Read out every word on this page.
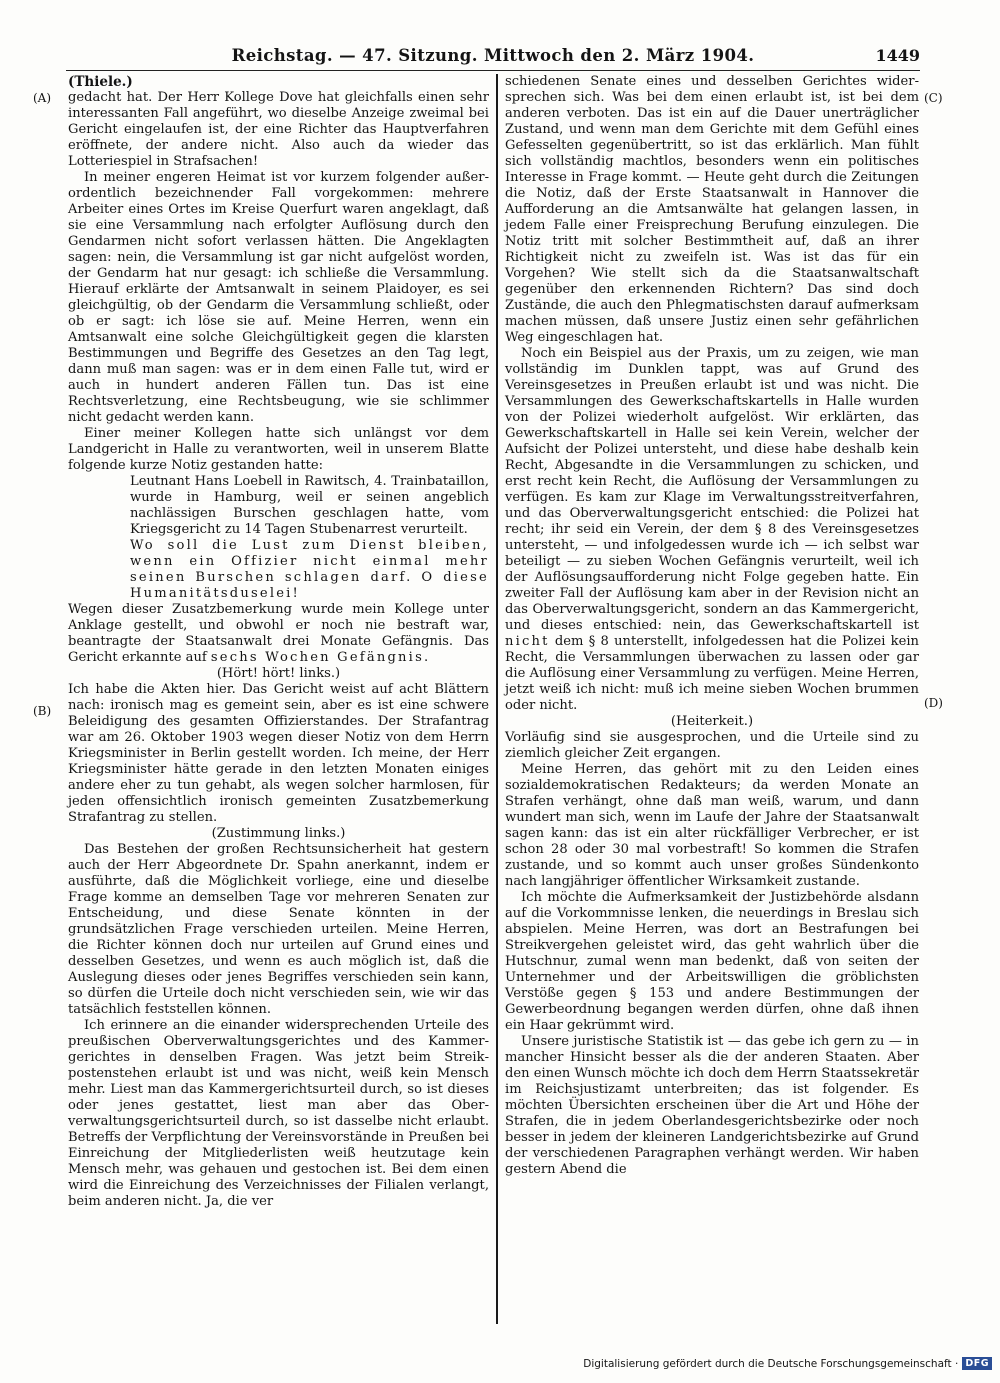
Reichstag. — 47. Sitzung. Mittwoch den 2. März 1904.	1449
(A)
(B)
(C)
(D)

(Thiele.)

gedacht hat. Der Herr Kollege Dove hat gleichfalls einen sehr interessanten Fall angeführt, wo dieselbe Anzeige zweimal bei Gericht eingelaufen ist, der eine Richter das Hauptverfahren eröffnete, der andere nicht. Also auch da wieder das Lotteriespiel in Strafsachen!

In meiner engeren Heimat ist vor kurzem folgender außerordentlich bezeichnender Fall vorgekommen: mehrere Arbeiter eines Ortes im Kreise Querfurt waren angeklagt, daß sie eine Versammlung nach erfolgter Auflösung durch den Gendarmen nicht sofort verlassen hätten. Die Angeklagten sagen: nein, die Versammlung ist gar nicht aufgelöst worden, der Gendarm hat nur gesagt: ich schließe die Versammlung. Hierauf erklärte der Amtsanwalt in seinem Plaidoyer, es sei gleichgültig, ob der Gendarm die Versammlung schließt, oder ob er sagt: ich löse sie auf. Meine Herren, wenn ein Amtsanwalt eine solche Gleichgültigkeit gegen die klarsten Bestimmungen und Begriffe des Gesetzes an den Tag legt, dann muß man sagen: was er in dem einen Falle tut, wird er auch in hundert anderen Fällen tun. Das ist eine Rechtsverletzung, eine Rechtsbeugung, wie sie schlimmer nicht gedacht werden kann.

Einer meiner Kollegen hatte sich unlängst vor dem Landgericht in Halle zu verantworten, weil in unserem Blatte folgende kurze Notiz gestanden hatte:

Leutnant Hans Loebell in Rawitsch, 4. Trainbataillon, wurde in Hamburg, weil er seinen angeblich nachlässigen Burschen geschlagen hatte, vom Kriegsgericht zu 14 Tagen Stubenarrest verurteilt.

Wo soll die Lust zum Dienst bleiben, wenn ein Offizier nicht einmal mehr seinen Burschen schlagen darf. O diese Humanitätsduselei!

Wegen dieser Zusatzbemerkung wurde mein Kollege unter Anklage gestellt, und obwohl er noch nie bestraft war, beantragte der Staatsanwalt drei Monate Gefängnis. Das Gericht erkannte auf sechs Wochen Gefängnis.

(Hört! hört! links.)

Ich habe die Akten hier. Das Gericht weist auf acht Blättern nach: ironisch mag es gemeint sein, aber es ist eine schwere Beleidigung des gesamten Offizierstandes. Der Strafantrag war am 26. Oktober 1903 wegen dieser Notiz von dem Herrn Kriegsminister in Berlin gestellt worden. Ich meine, der Herr Kriegsminister hätte gerade in den letzten Monaten einiges andere eher zu tun gehabt, als wegen solcher harmlosen, für jeden offensichtlich ironisch gemeinten Zusatzbemerkung Strafantrag zu stellen.

(Zustimmung links.)

Das Bestehen der großen Rechtsunsicherheit hat gestern auch der Herr Abgeordnete Dr. Spahn anerkannt, indem er ausführte, daß die Möglichkeit vorliege, eine und dieselbe Frage komme an demselben Tage vor mehreren Senaten zur Entscheidung, und diese Senate könnten in der grundsätzlichen Frage verschieden urteilen. Meine Herren, die Richter können doch nur urteilen auf Grund eines und desselben Gesetzes, und wenn es auch möglich ist, daß die Auslegung dieses oder jenes Begriffes verschieden sein kann, so dürfen die Urteile doch nicht verschieden sein, wie wir das tatsächlich feststellen können.

Ich erinnere an die einander widersprechenden Urteile des preußischen Oberverwaltungsgerichtes und des Kammergerichtes in denselben Fragen. Was jetzt beim Streikpostenstehen erlaubt ist und was nicht, weiß kein Mensch mehr. Liest man das Kammergerichtsurteil durch, so ist dieses oder jenes gestattet, liest man aber das Oberverwaltungsgerichtsurteil durch, so ist dasselbe nicht erlaubt. Betreffs der Verpflichtung der Vereinsvorstände in Preußen bei Einreichung der Mitgliederlisten weiß heutzutage kein Mensch mehr, was gehauen und gestochen ist. Bei dem einen wird die Einreichung des Verzeichnisses der Filialen verlangt, beim anderen nicht. Ja, die ver

schiedenen Senate eines und desselben Gerichtes widersprechen sich. Was bei dem einen erlaubt ist, ist bei dem anderen verboten. Das ist ein auf die Dauer unerträglicher Zustand, und wenn man dem Gerichte mit dem Gefühl eines Gefesselten gegenübertritt, so ist das erklärlich. Man fühlt sich vollständig machtlos, besonders wenn ein politisches Interesse in Frage kommt. — Heute geht durch die Zeitungen die Notiz, daß der Erste Staatsanwalt in Hannover die Aufforderung an die Amtsanwälte hat gelangen lassen, in jedem Falle einer Freisprechung Berufung einzulegen. Die Notiz tritt mit solcher Bestimmtheit auf, daß an ihrer Richtigkeit nicht zu zweifeln ist. Was ist das für ein Vorgehen? Wie stellt sich da die Staatsanwaltschaft gegenüber den erkennenden Richtern? Das sind doch Zustände, die auch den Phlegmatischsten darauf aufmerksam machen müssen, daß unsere Justiz einen sehr gefährlichen Weg eingeschlagen hat.

Noch ein Beispiel aus der Praxis, um zu zeigen, wie man vollständig im Dunklen tappt, was auf Grund des Vereinsgesetzes in Preußen erlaubt ist und was nicht. Die Versammlungen des Gewerkschaftskartells in Halle wurden von der Polizei wiederholt aufgelöst. Wir erklärten, das Gewerkschaftskartell in Halle sei kein Verein, welcher der Aufsicht der Polizei untersteht, und diese habe deshalb kein Recht, Abgesandte in die Versammlungen zu schicken, und erst recht kein Recht, die Auflösung der Versammlungen zu verfügen. Es kam zur Klage im Verwaltungsstreitverfahren, und das Oberverwaltungsgericht entschied: die Polizei hat recht; ihr seid ein Verein, der dem § 8 des Vereinsgesetzes untersteht, — und infolgedessen wurde ich — ich selbst war beteiligt — zu sieben Wochen Gefängnis verurteilt, weil ich der Auflösungsaufforderung nicht Folge gegeben hatte. Ein zweiter Fall der Auflösung kam aber in der Revision nicht an das Oberverwaltungsgericht, sondern an das Kammergericht, und dieses entschied: nein, das Gewerkschaftskartell ist nicht dem § 8 unterstellt, infolgedessen hat die Polizei kein Recht, die Versammlungen überwachen zu lassen oder gar die Auflösung einer Versammlung zu verfügen. Meine Herren, jetzt weiß ich nicht: muß ich meine sieben Wochen brummen oder nicht.

(Heiterkeit.)

Vorläufig sind sie ausgesprochen, und die Urteile sind zu ziemlich gleicher Zeit ergangen.

Meine Herren, das gehört mit zu den Leiden eines sozialdemokratischen Redakteurs; da werden Monate an Strafen verhängt, ohne daß man weiß, warum, und dann wundert man sich, wenn im Laufe der Jahre der Staatsanwalt sagen kann: das ist ein alter rückfälliger Verbrecher, er ist schon 28 oder 30 mal vorbestraft! So kommen die Strafen zustande, und so kommt auch unser großes Sündenkonto nach langjähriger öffentlicher Wirksamkeit zustande.

Ich möchte die Aufmerksamkeit der Justizbehörde alsdann auf die Vorkommnisse lenken, die neuerdings in Breslau sich abspielen. Meine Herren, was dort an Bestrafungen bei Streikvergehen geleistet wird, das geht wahrlich über die Hutschnur, zumal wenn man bedenkt, daß von seiten der Unternehmer und der Arbeitswilligen die gröblichsten Verstöße gegen § 153 und andere Bestimmungen der Gewerbeordnung begangen werden dürfen, ohne daß ihnen ein Haar gekrümmt wird.

Unsere juristische Statistik ist — das gebe ich gern zu — in mancher Hinsicht besser als die der anderen Staaten. Aber den einen Wunsch möchte ich doch dem Herrn Staatssekretär im Reichsjustizamt unterbreiten; das ist folgender. Es möchten Übersichten erscheinen über die Art und Höhe der Strafen, die in jedem Oberlandesgerichtsbezirke oder noch besser in jedem der kleineren Landgerichtsbezirke auf Grund der verschiedenen Paragraphen verhängt werden. Wir haben gestern Abend die

Digitalisierung gefördert durch die Deutsche Forschungsgemeinschaft · DFG
